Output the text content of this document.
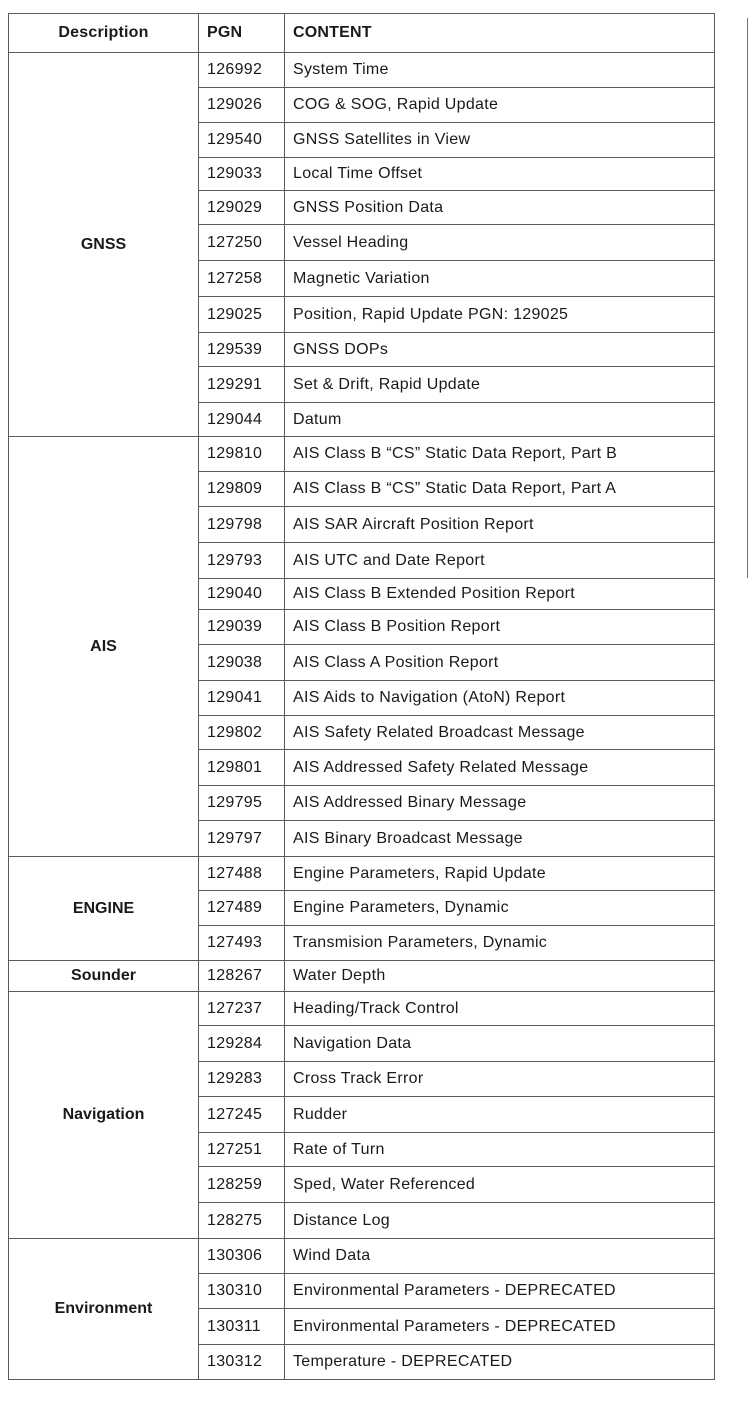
Description	PGN	CONTENT
GNSS	126992	System Time
	129026	COG & SOG, Rapid Update
	129540	GNSS Satellites in View
	129033	Local Time Offset
	129029	GNSS Position Data
	127250	Vessel Heading
	127258	Magnetic Variation
	129025	Position, Rapid Update PGN: 129025
	129539	GNSS DOPs
	129291	Set & Drift, Rapid Update
	129044	Datum
AIS	129810	AIS Class B “CS” Static Data Report, Part B
	129809	AIS Class B “CS” Static Data Report, Part A
	129798	AIS SAR Aircraft Position Report
	129793	AIS UTC and Date Report
	129040	AIS Class B Extended Position Report
	129039	AIS Class B Position Report
	129038	AIS Class A Position Report
	129041	AIS Aids to Navigation (AtoN) Report
	129802	AIS Safety Related Broadcast Message
	129801	AIS Addressed Safety Related Message
	129795	AIS Addressed Binary Message
	129797	AIS Binary Broadcast Message
ENGINE	127488	Engine Parameters, Rapid Update
	127489	Engine Parameters, Dynamic
	127493	Transmision Parameters, Dynamic
Sounder	128267	Water Depth
Navigation	127237	Heading/Track Control
	129284	Navigation Data
	129283	Cross Track Error
	127245	Rudder
	127251	Rate of Turn
	128259	Sped, Water Referenced
	128275	Distance Log
Environment	130306	Wind Data
	130310	Environmental Parameters - DEPRECATED
	130311	Environmental Parameters - DEPRECATED
	130312	Temperature - DEPRECATED
